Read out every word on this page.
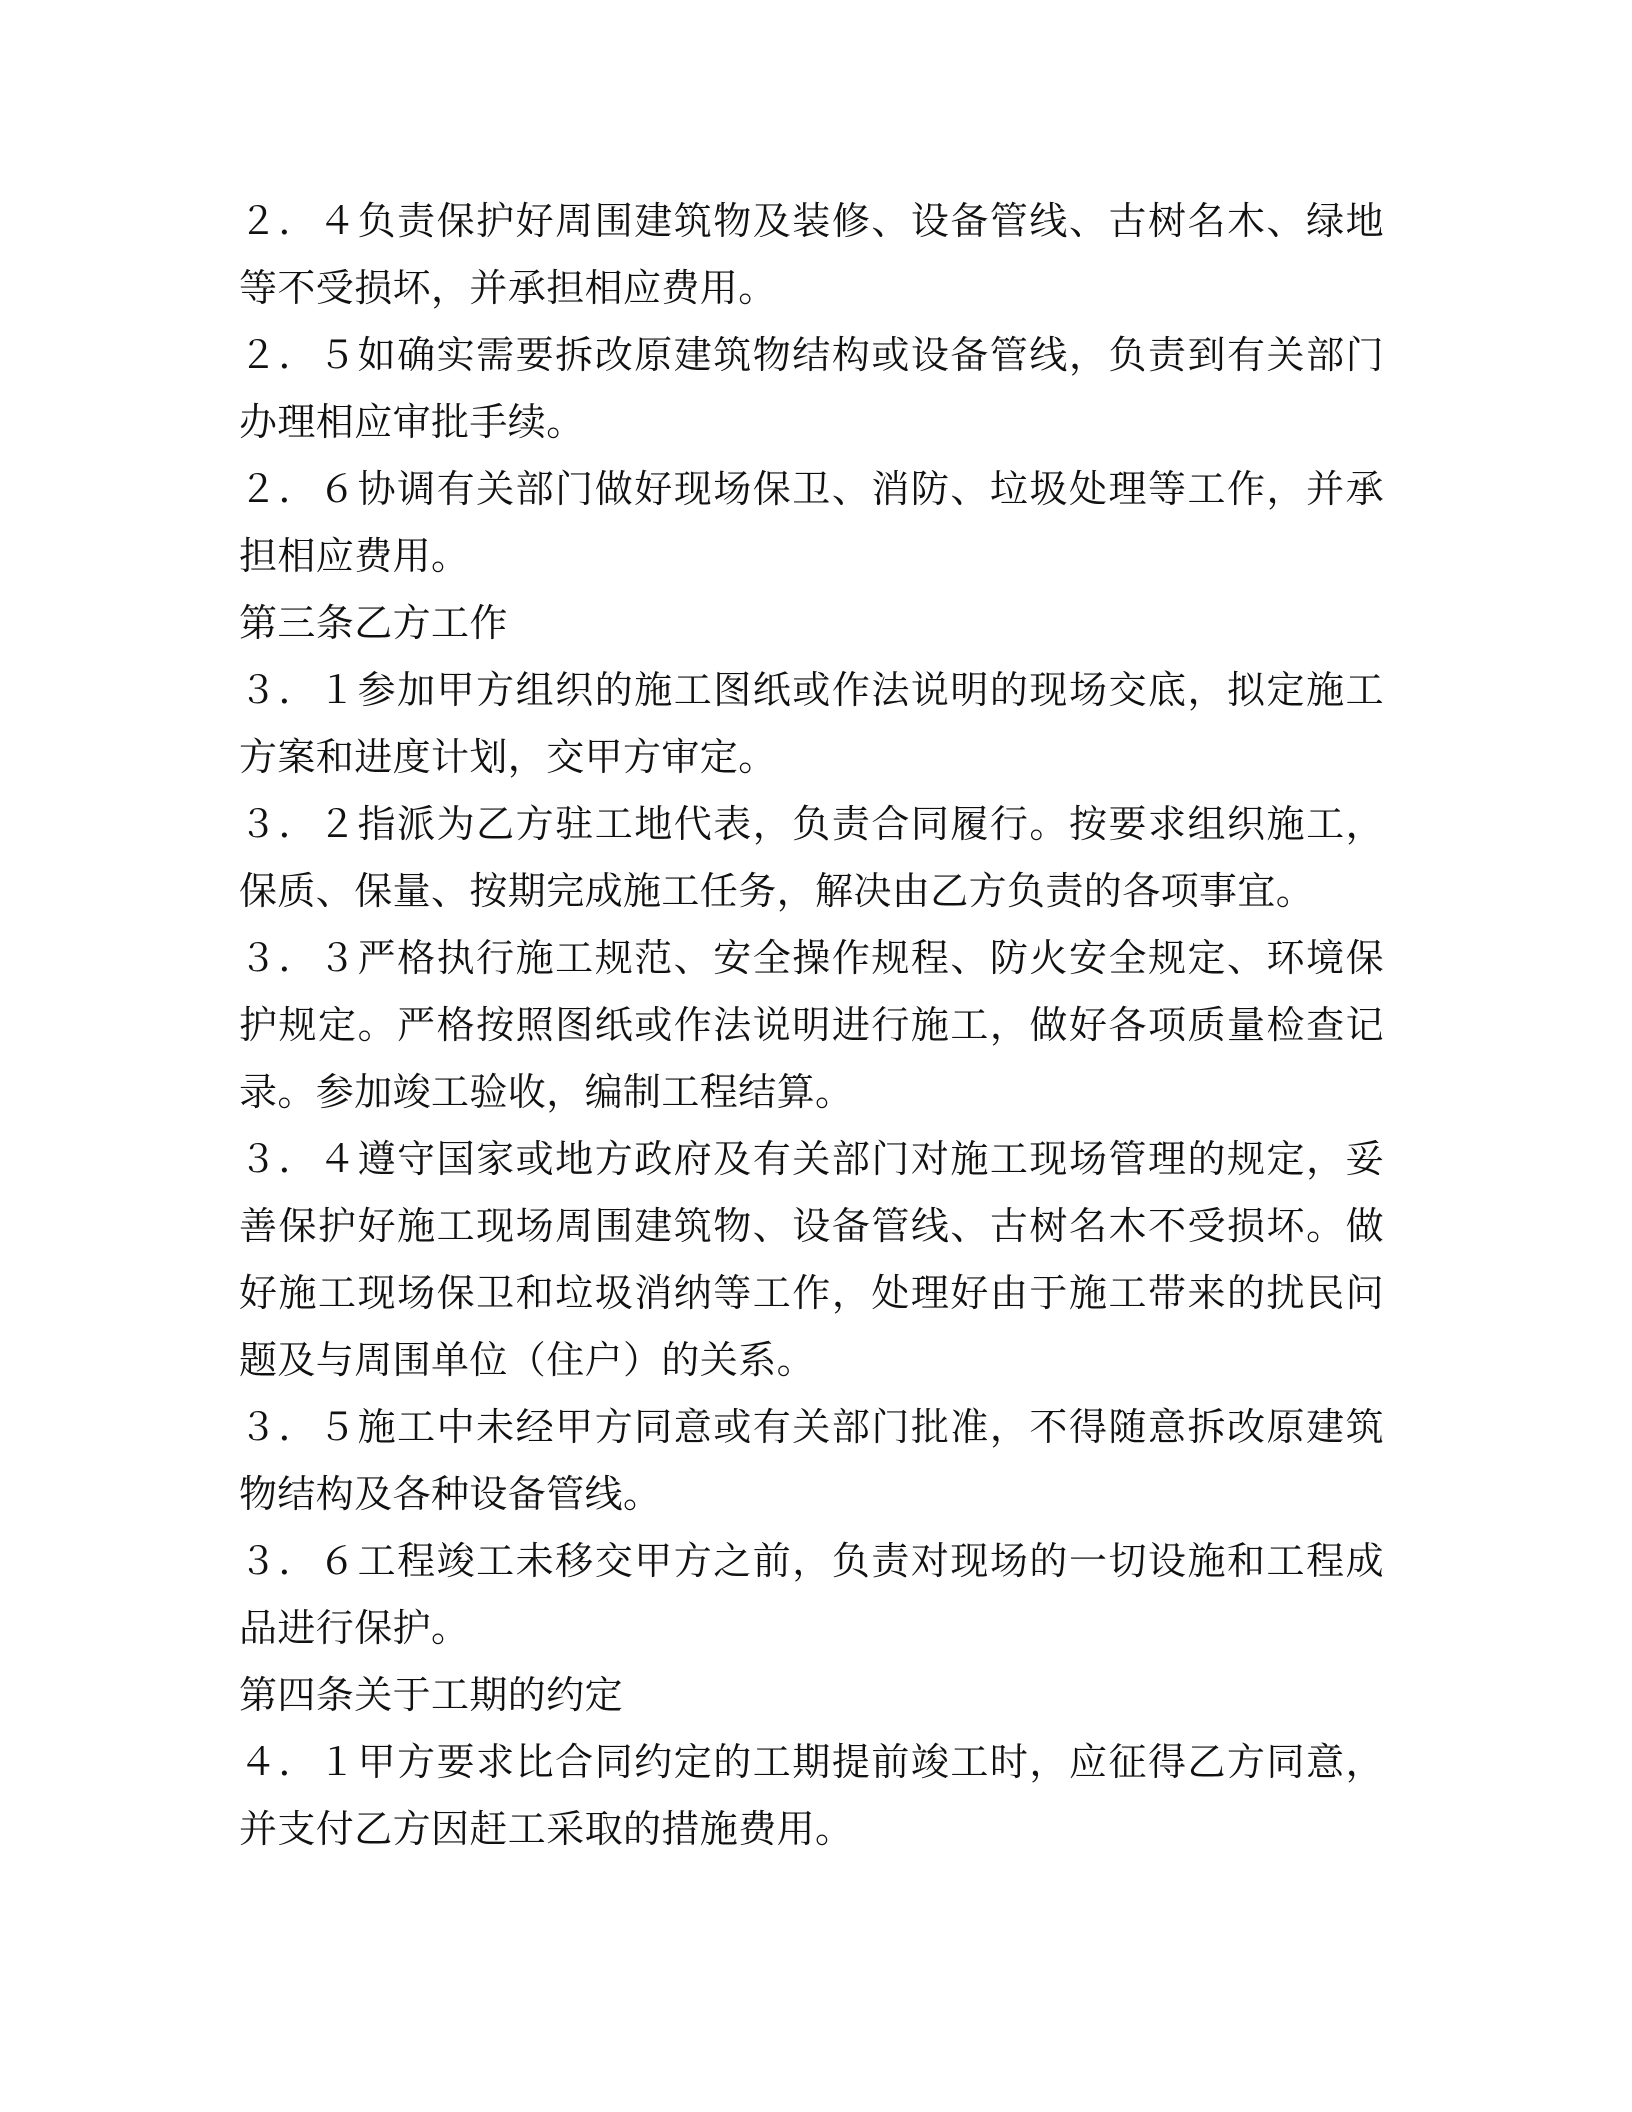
２．４负责保护好周围建筑物及装修、设备管线、古树名木、绿地等不受损坏，并承担相应费用。

２．５如确实需要拆改原建筑物结构或设备管线，负责到有关部门办理相应审批手续。

２．６协调有关部门做好现场保卫、消防、垃圾处理等工作，并承担相应费用。

第三条乙方工作

３．１参加甲方组织的施工图纸或作法说明的现场交底，拟定施工方案和进度计划，交甲方审定。

３．２指派为乙方驻工地代表，负责合同履行。按要求组织施工，保质、保量、按期完成施工任务，解决由乙方负责的各项事宜。

３．３严格执行施工规范、安全操作规程、防火安全规定、环境保护规定。严格按照图纸或作法说明进行施工，做好各项质量检查记录。参加竣工验收，编制工程结算。

３．４遵守国家或地方政府及有关部门对施工现场管理的规定，妥善保护好施工现场周围建筑物、设备管线、古树名木不受损坏。做好施工现场保卫和垃圾消纳等工作，处理好由于施工带来的扰民问题及与周围单位（住户）的关系。

３．５施工中未经甲方同意或有关部门批准，不得随意拆改原建筑物结构及各种设备管线。

３．６工程竣工未移交甲方之前，负责对现场的一切设施和工程成品进行保护。

第四条关于工期的约定

４．１甲方要求比合同约定的工期提前竣工时，应征得乙方同意，并支付乙方因赶工采取的措施费用。
